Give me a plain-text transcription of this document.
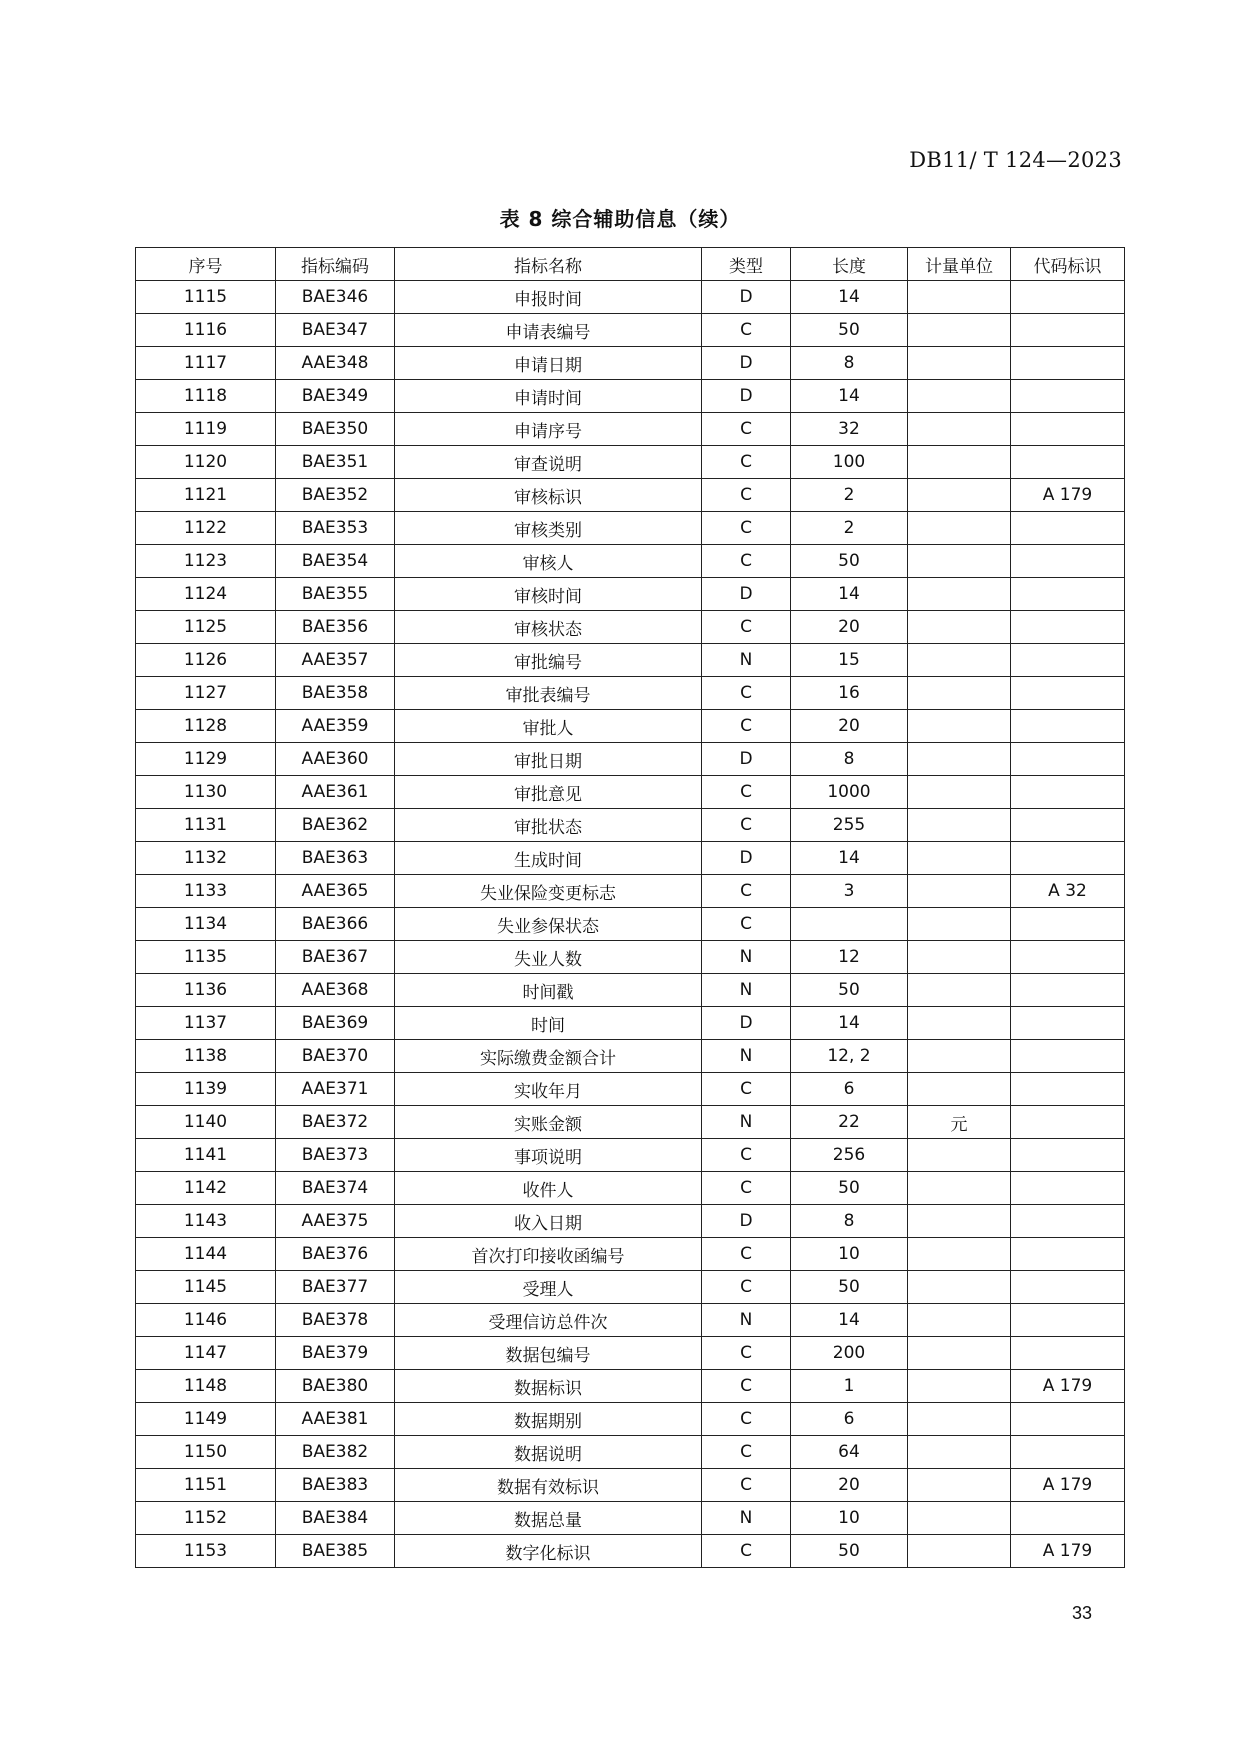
DB11/ T 124—2023
表 8 综合辅助信息（续）
序号	指标编码	指标名称	类型	长度	计量单位	代码标识
1115	BAE346	申报时间	D	14		
1116	BAE347	申请表编号	C	50		
1117	AAE348	申请日期	D	8		
1118	BAE349	申请时间	D	14		
1119	BAE350	申请序号	C	32		
1120	BAE351	审查说明	C	100		
1121	BAE352	审核标识	C	2		A 179
1122	BAE353	审核类别	C	2		
1123	BAE354	审核人	C	50		
1124	BAE355	审核时间	D	14		
1125	BAE356	审核状态	C	20		
1126	AAE357	审批编号	N	15		
1127	BAE358	审批表编号	C	16		
1128	AAE359	审批人	C	20		
1129	AAE360	审批日期	D	8		
1130	AAE361	审批意见	C	1000		
1131	BAE362	审批状态	C	255		
1132	BAE363	生成时间	D	14		
1133	AAE365	失业保险变更标志	C	3		A 32
1134	BAE366	失业参保状态	C			
1135	BAE367	失业人数	N	12		
1136	AAE368	时间戳	N	50		
1137	BAE369	时间	D	14		
1138	BAE370	实际缴费金额合计	N	12, 2		
1139	AAE371	实收年月	C	6		
1140	BAE372	实账金额	N	22	元	
1141	BAE373	事项说明	C	256		
1142	BAE374	收件人	C	50		
1143	AAE375	收入日期	D	8		
1144	BAE376	首次打印接收函编号	C	10		
1145	BAE377	受理人	C	50		
1146	BAE378	受理信访总件次	N	14		
1147	BAE379	数据包编号	C	200		
1148	BAE380	数据标识	C	1		A 179
1149	AAE381	数据期别	C	6		
1150	BAE382	数据说明	C	64		
1151	BAE383	数据有效标识	C	20		A 179
1152	BAE384	数据总量	N	10		
1153	BAE385	数字化标识	C	50		A 179
33
